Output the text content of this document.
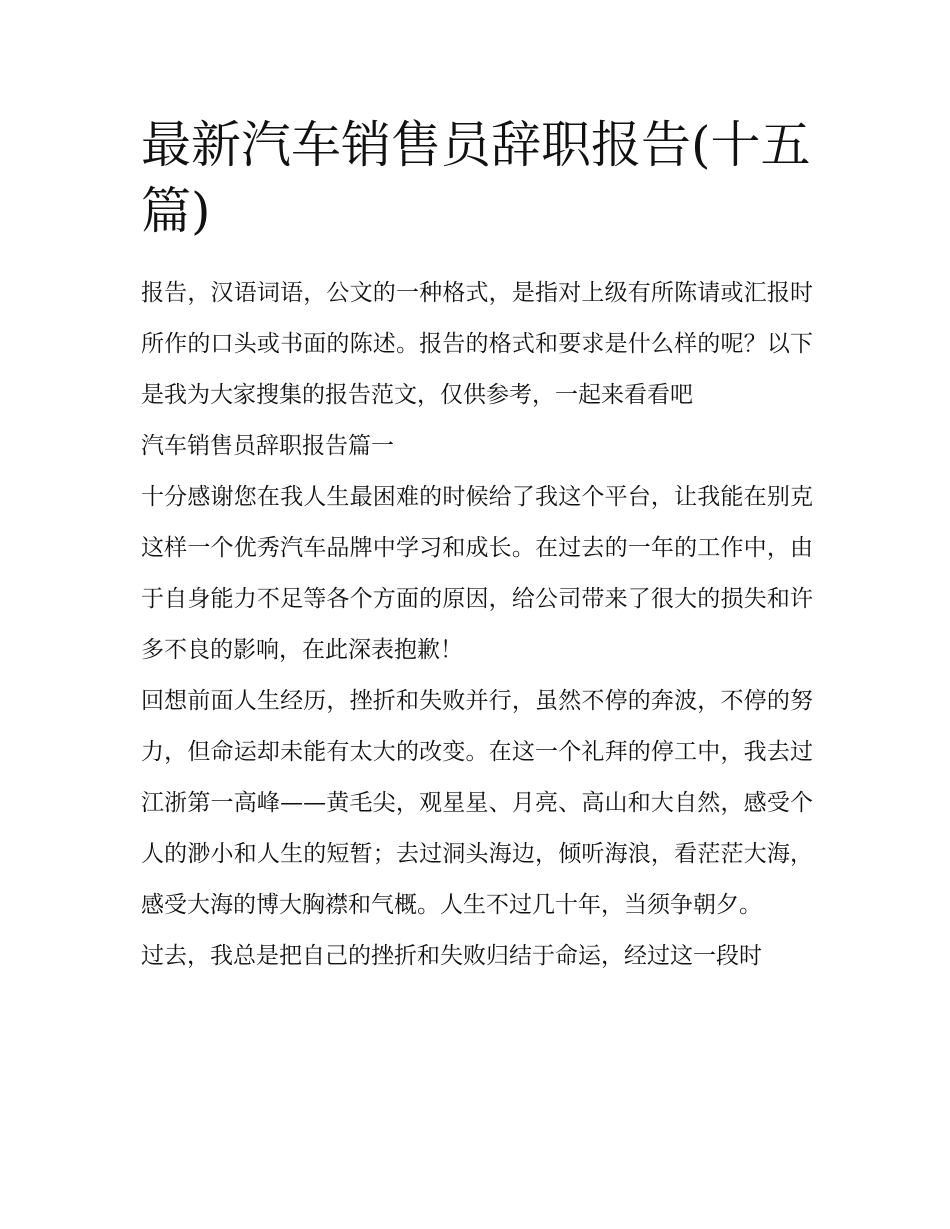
最新汽车销售员辞职报告(十五篇)

报告，汉语词语，公文的一种格式，是指对上级有所陈请或汇报时所作的口头或书面的陈述。报告的格式和要求是什么样的呢？以下是我为大家搜集的报告范文，仅供参考，一起来看看吧

汽车销售员辞职报告篇一

十分感谢您在我人生最困难的时候给了我这个平台，让我能在别克这样一个优秀汽车品牌中学习和成长。在过去的一年的工作中，由于自身能力不足等各个方面的原因，给公司带来了很大的损失和许多不良的影响，在此深表抱歉！

回想前面人生经历，挫折和失败并行，虽然不停的奔波，不停的努力，但命运却未能有太大的改变。在这一个礼拜的停工中，我去过江浙第一高峰——黄毛尖，观星星、月亮、高山和大自然，感受个人的渺小和人生的短暂；去过洞头海边，倾听海浪，看茫茫大海，感受大海的博大胸襟和气概。人生不过几十年，当须争朝夕。

过去，我总是把自己的挫折和失败归结于命运，经过这一段时
